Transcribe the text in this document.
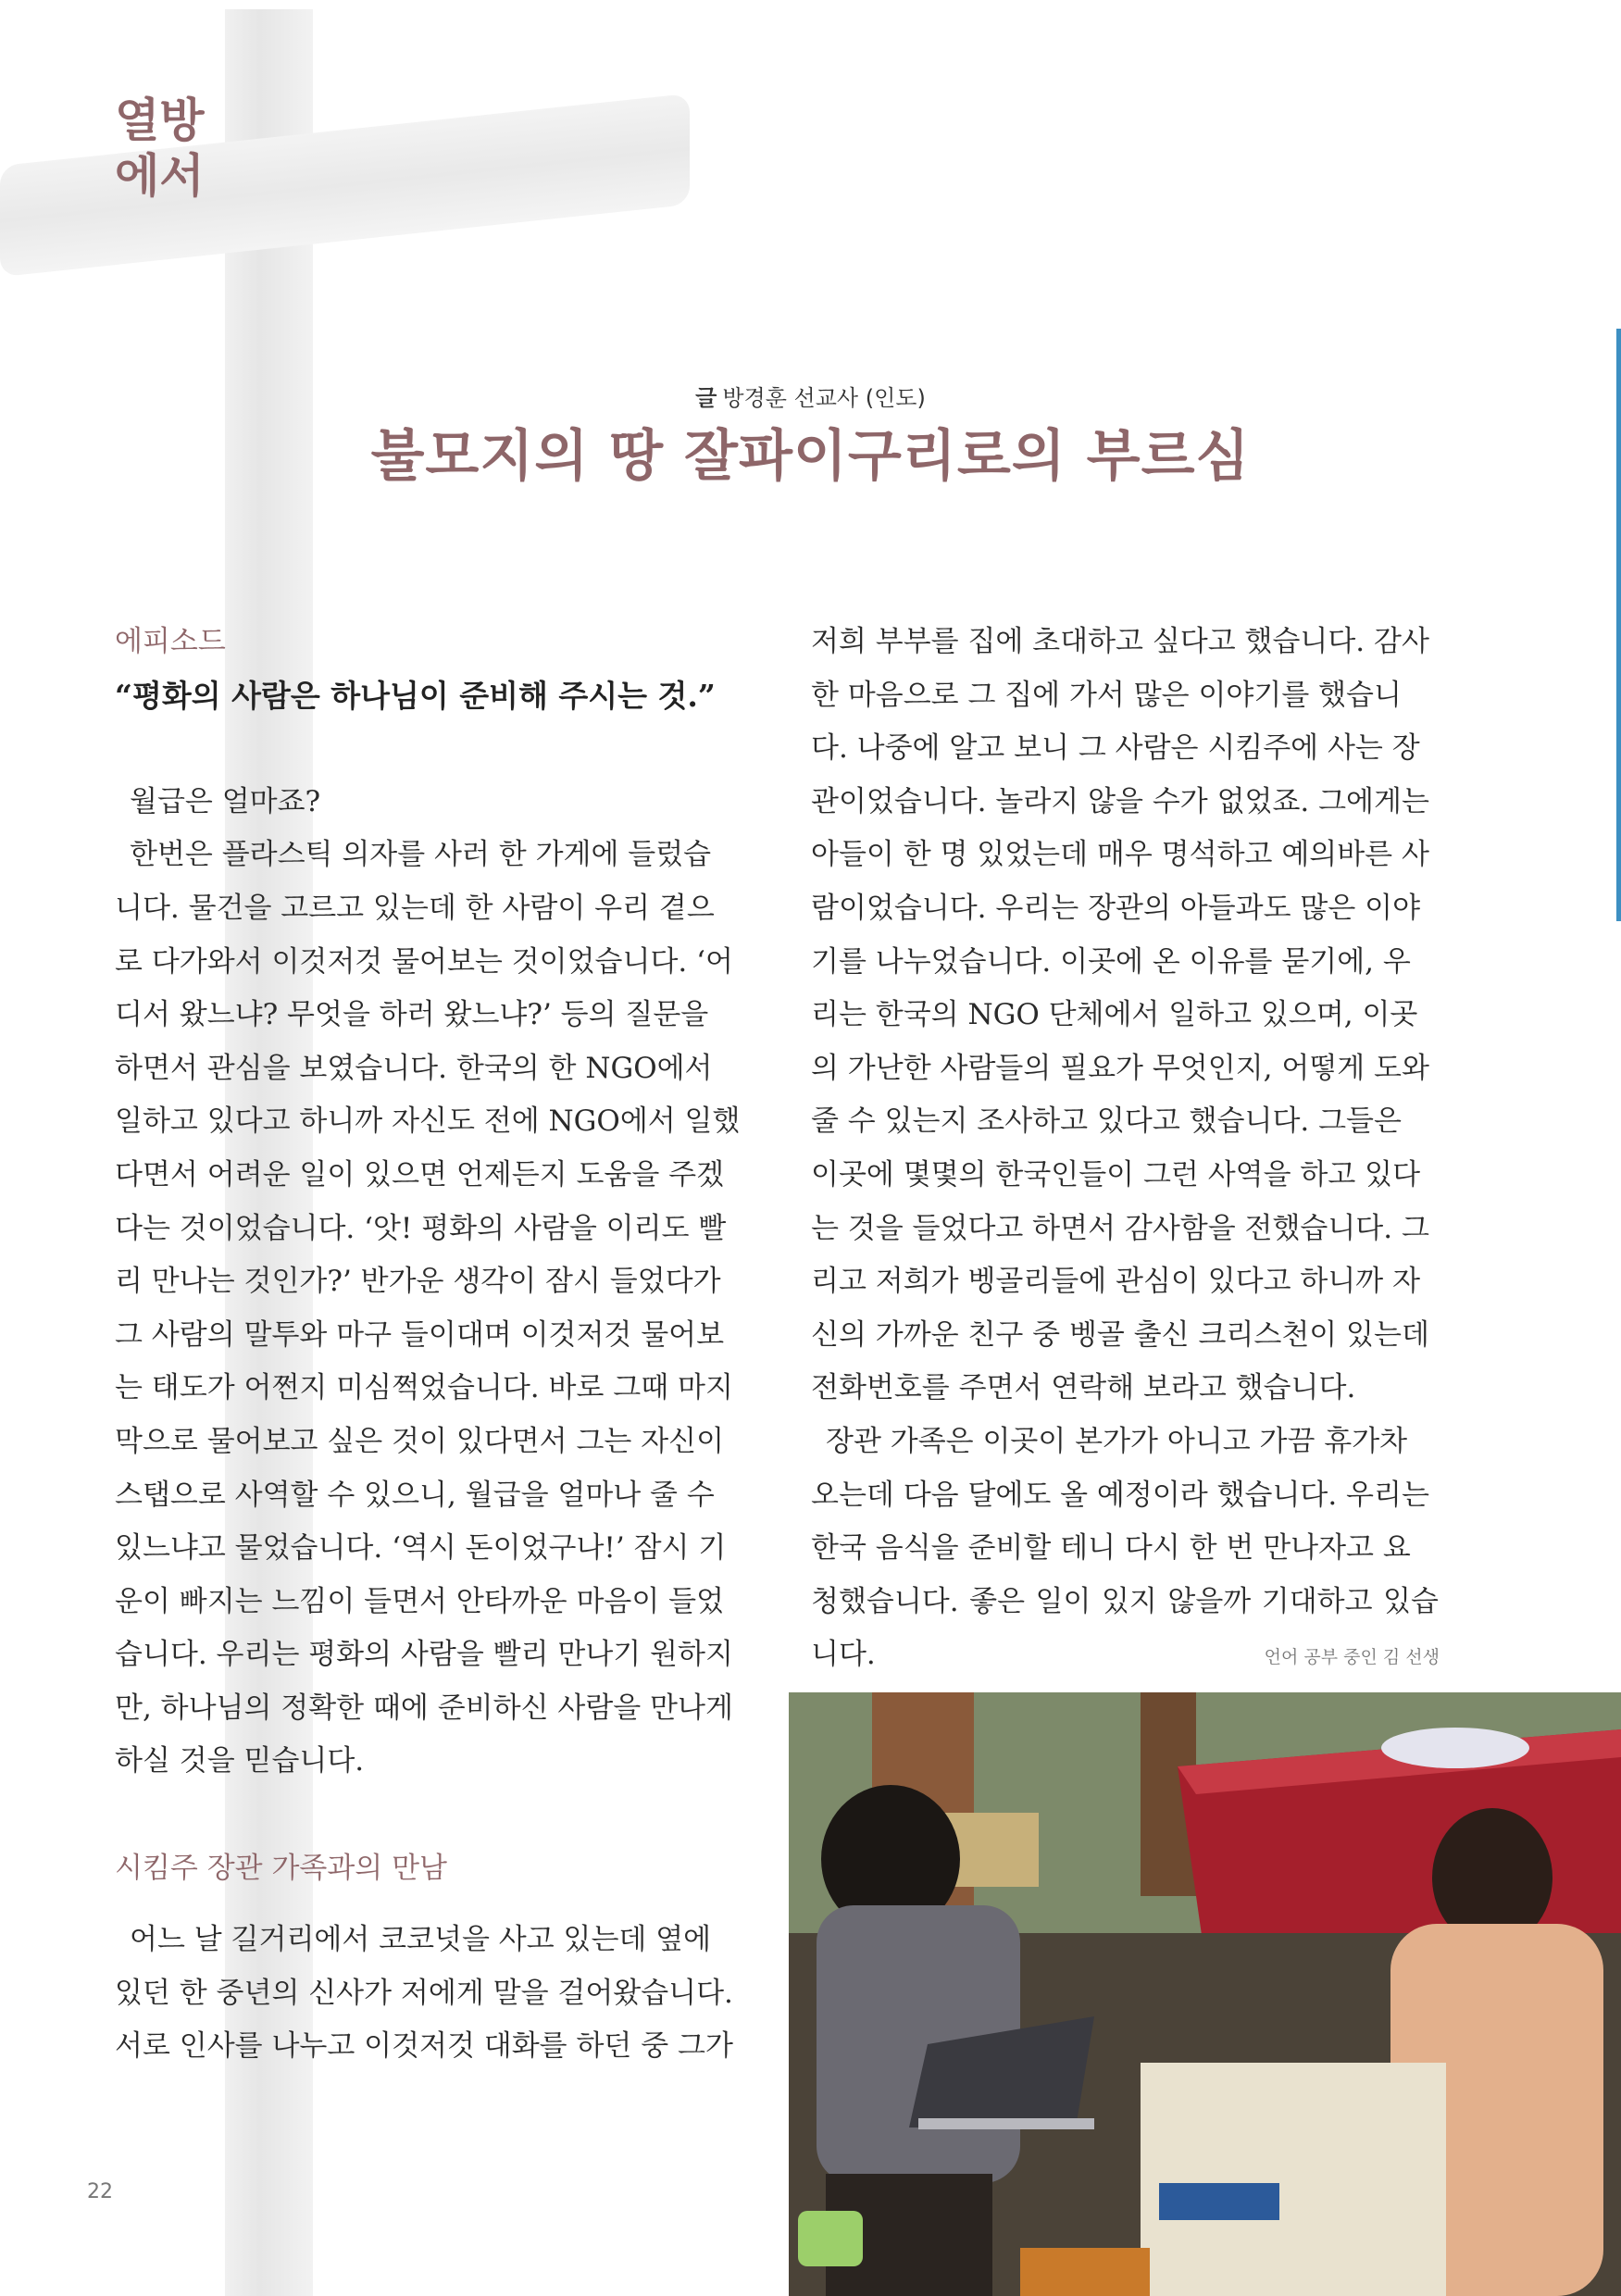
열방
에서
글 방경훈 선교사 (인도)
불모지의 땅 잘파이구리로의 부르심
에피소드
“평화의 사람은 하나님이 준비해 주시는 것.”

월급은 얼마죠?

한번은 플라스틱 의자를 사러 한 가게에 들렀습

니다. 물건을 고르고 있는데 한 사람이 우리 곁으

로 다가와서 이것저것 물어보는 것이었습니다. ‘어

디서 왔느냐? 무엇을 하러 왔느냐?’ 등의 질문을

하면서 관심을 보였습니다. 한국의 한 NGO에서

일하고 있다고 하니까 자신도 전에 NGO에서 일했

다면서 어려운 일이 있으면 언제든지 도움을 주겠

다는 것이었습니다. ‘앗! 평화의 사람을 이리도 빨

리 만나는 것인가?’ 반가운 생각이 잠시 들었다가

그 사람의 말투와 마구 들이대며 이것저것 물어보

는 태도가 어쩐지 미심쩍었습니다. 바로 그때 마지

막으로 물어보고 싶은 것이 있다면서 그는 자신이

스탭으로 사역할 수 있으니, 월급을 얼마나 줄 수

있느냐고 물었습니다. ‘역시 돈이었구나!’ 잠시 기

운이 빠지는 느낌이 들면서 안타까운 마음이 들었

습니다. 우리는 평화의 사람을 빨리 만나기 원하지

만, 하나님의 정확한 때에 준비하신 사람을 만나게

하실 것을 믿습니다.

시킴주 장관 가족과의 만남

어느 날 길거리에서 코코넛을 사고 있는데 옆에

있던 한 중년의 신사가 저에게 말을 걸어왔습니다.

서로 인사를 나누고 이것저것 대화를 하던 중 그가

저희 부부를 집에 초대하고 싶다고 했습니다. 감사

한 마음으로 그 집에 가서 많은 이야기를 했습니

다. 나중에 알고 보니 그 사람은 시킴주에 사는 장

관이었습니다. 놀라지 않을 수가 없었죠. 그에게는

아들이 한 명 있었는데 매우 명석하고 예의바른 사

람이었습니다. 우리는 장관의 아들과도 많은 이야

기를 나누었습니다. 이곳에 온 이유를 묻기에, 우

리는 한국의 NGO 단체에서 일하고 있으며, 이곳

의 가난한 사람들의 필요가 무엇인지, 어떻게 도와

줄 수 있는지 조사하고 있다고 했습니다. 그들은

이곳에 몇몇의 한국인들이 그런 사역을 하고 있다

는 것을 들었다고 하면서 감사함을 전했습니다. 그

리고 저희가 벵골리들에 관심이 있다고 하니까 자

신의 가까운 친구 중 벵골 출신 크리스천이 있는데

전화번호를 주면서 연락해 보라고 했습니다.

장관 가족은 이곳이 본가가 아니고 가끔 휴가차

오는데 다음 달에도 올 예정이라 했습니다. 우리는

한국 음식을 준비할 테니 다시 한 번 만나자고 요

청했습니다. 좋은 일이 있지 않을까 기대하고 있습니다.	언어 공부 중인 김 선생
22
